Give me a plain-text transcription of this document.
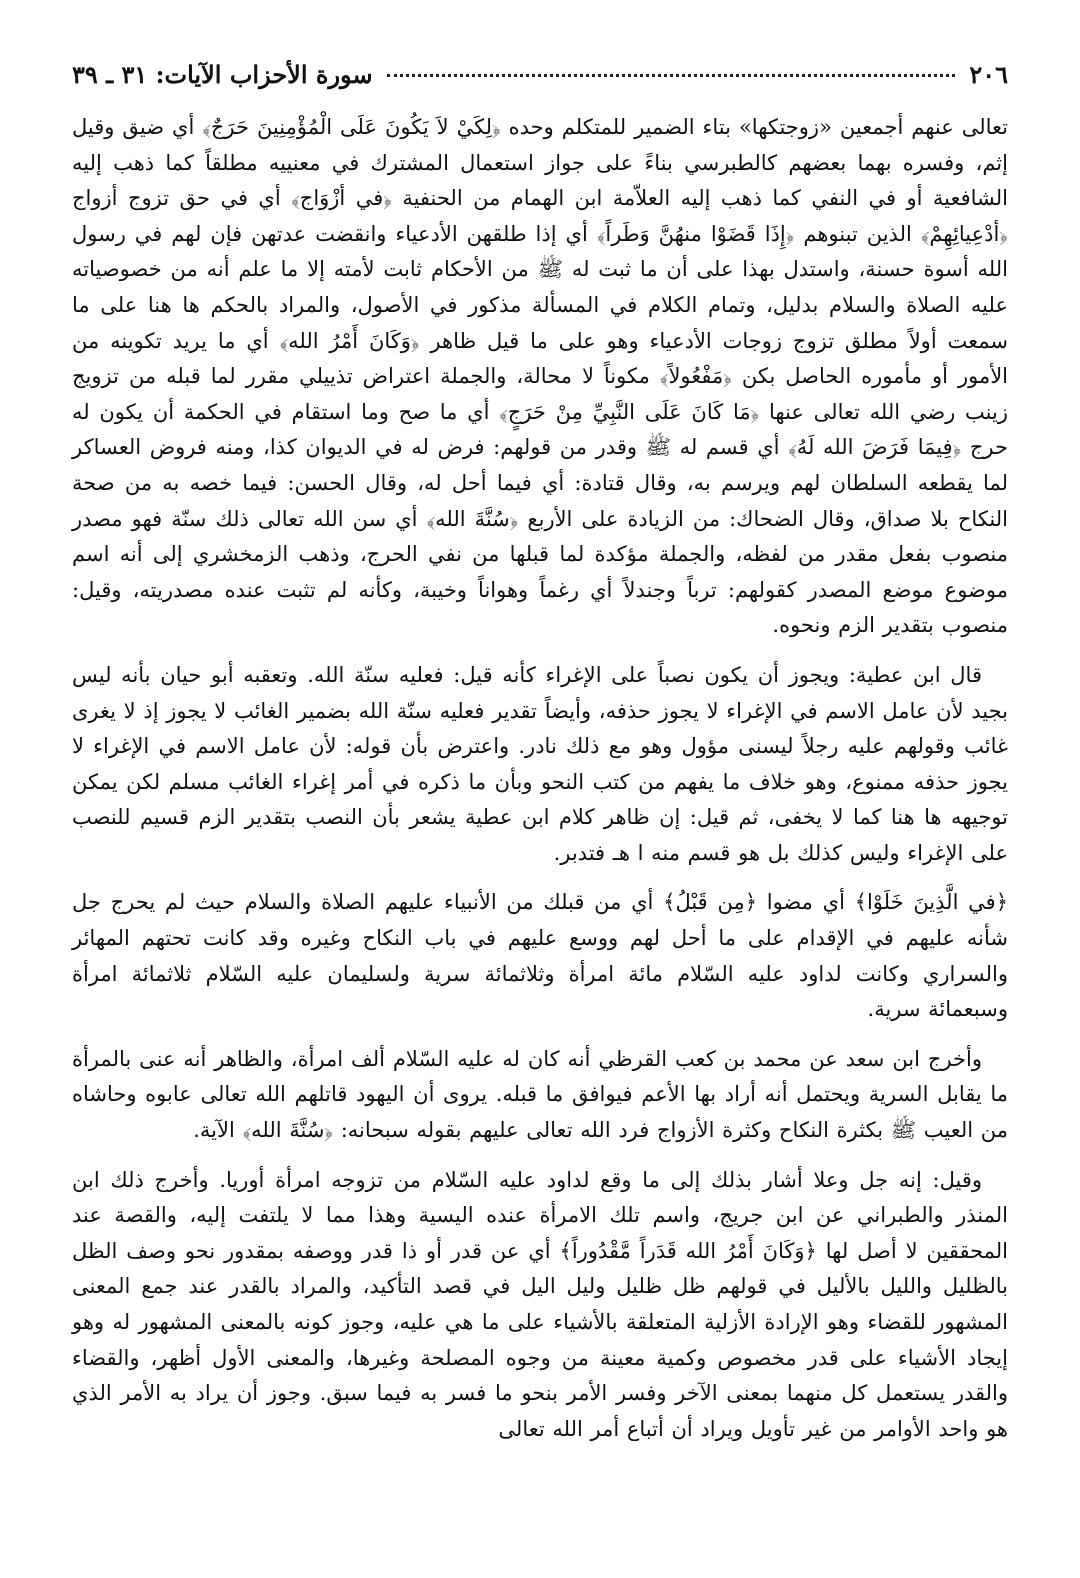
٢٠٦
سورة الأحزاب الآيات: ٣١ ـ ٣٩

تعالى عنهم أجمعين «زوجتكها» بتاء الضمير للمتكلم وحده ﴿لِكَيْ لاَ يَكُونَ عَلَى الْمُؤْمِنِينَ حَرَجٌ﴾ أي ضيق وقيل إثم، وفسره بهما بعضهم كالطبرسي بناءً على جواز استعمال المشترك في معنييه مطلقاً كما ذهب إليه الشافعية أو في النفي كما ذهب إليه العلاّمة ابن الهمام من الحنفية ﴿في أزْوَاج﴾ أي في حق تزوج أزواج ﴿أدْعِيائِهِمْ﴾ الذين تبنوهم ﴿إِذَا قَضَوْا منهُنَّ وَطَراً﴾ أي إذا طلقهن الأدعياء وانقضت عدتهن فإن لهم في رسول الله أسوة حسنة، واستدل بهذا على أن ما ثبت له ﷺ من الأحكام ثابت لأمته إلا ما علم أنه من خصوصياته عليه الصلاة والسلام بدليل، وتمام الكلام في المسألة مذكور في الأصول، والمراد بالحكم ها هنا على ما سمعت أولاً مطلق تزوج زوجات الأدعياء وهو على ما قيل ظاهر ﴿وَكَانَ أَمْرُ الله﴾ أي ما يريد تكوينه من الأمور أو مأموره الحاصل بكن ﴿مَفْعُولاً﴾ مكوناً لا محالة، والجملة اعتراض تذييلي مقرر لما قبله من تزويج زينب رضي الله تعالى عنها ﴿مَا كَانَ عَلَى النَّبِيِّ مِنْ حَرَجٍ﴾ أي ما صح وما استقام في الحكمة أن يكون له حرج ﴿فِيمَا فَرَضَ الله لَهُ﴾ أي قسم له ﷺ وقدر من قولهم: فرض له في الديوان كذا، ومنه فروض العساكر لما يقطعه السلطان لهم ويرسم به، وقال قتادة: أي فيما أحل له، وقال الحسن: فيما خصه به من صحة النكاح بلا صداق، وقال الضحاك: من الزيادة على الأربع ﴿سُنَّةَ الله﴾ أي سن الله تعالى ذلك سنّة فهو مصدر منصوب بفعل مقدر من لفظه، والجملة مؤكدة لما قبلها من نفي الحرج، وذهب الزمخشري إلى أنه اسم موضوع موضع المصدر كقولهم: ترباً وجندلاً أي رغماً وهواناً وخيبة، وكأنه لم تثبت عنده مصدريته، وقيل: منصوب بتقدير الزم ونحوه.

قال ابن عطية: ويجوز أن يكون نصباً على الإغراء كأنه قيل: فعليه سنّة الله. وتعقبه أبو حيان بأنه ليس بجيد لأن عامل الاسم في الإغراء لا يجوز حذفه، وأيضاً تقدير فعليه سنّة الله بضمير الغائب لا يجوز إذ لا يغرى غائب وقولهم عليه رجلاً ليسنى مؤول وهو مع ذلك نادر. واعترض بأن قوله: لأن عامل الاسم في الإغراء لا يجوز حذفه ممنوع، وهو خلاف ما يفهم من كتب النحو وبأن ما ذكره في أمر إغراء الغائب مسلم لكن يمكن توجيهه ها هنا كما لا يخفى، ثم قيل: إن ظاهر كلام ابن عطية يشعر بأن النصب بتقدير الزم قسيم للنصب على الإغراء وليس كذلك بل هو قسم منه ا هـ فتدبر.

﴿في الَّذِينَ خَلَوْا﴾ أي مضوا ﴿مِن قَبْلُ﴾ أي من قبلك من الأنبياء عليهم الصلاة والسلام حيث لم يحرج جل شأنه عليهم في الإقدام على ما أحل لهم ووسع عليهم في باب النكاح وغيره وقد كانت تحتهم المهائر والسراري وكانت لداود عليه السّلام مائة امرأة وثلاثمائة سرية ولسليمان عليه السّلام ثلاثمائة امرأة وسبعمائة سرية.

وأخرج ابن سعد عن محمد بن كعب القرظي أنه كان له عليه السّلام ألف امرأة، والظاهر أنه عنى بالمرأة ما يقابل السرية ويحتمل أنه أراد بها الأعم فيوافق ما قبله. يروى أن اليهود قاتلهم الله تعالى عابوه وحاشاه من العيب ﷺ بكثرة النكاح وكثرة الأزواج فرد الله تعالى عليهم بقوله سبحانه: ﴿سُنَّةَ الله﴾ الآية.

وقيل: إنه جل وعلا أشار بذلك إلى ما وقع لداود عليه السّلام من تزوجه امرأة أوريا. وأخرج ذلك ابن المنذر والطبراني عن ابن جريج، واسم تلك الامرأة عنده اليسية وهذا مما لا يلتفت إليه، والقصة عند المحققين لا أصل لها ﴿وَكَانَ أَمْرُ الله قَدَراً مَّقْدُوراً﴾ أي عن قدر أو ذا قدر ووصفه بمقدور نحو وصف الظل بالظليل والليل بالأليل في قولهم ظل ظليل وليل اليل في قصد التأكيد، والمراد بالقدر عند جمع المعنى المشهور للقضاء وهو الإرادة الأزلية المتعلقة بالأشياء على ما هي عليه، وجوز كونه بالمعنى المشهور له وهو إيجاد الأشياء على قدر مخصوص وكمية معينة من وجوه المصلحة وغيرها، والمعنى الأول أظهر، والقضاء والقدر يستعمل كل منهما بمعنى الآخر وفسر الأمر بنحو ما فسر به فيما سبق. وجوز أن يراد به الأمر الذي هو واحد الأوامر من غير تأويل ويراد أن أتباع أمر الله تعالى
